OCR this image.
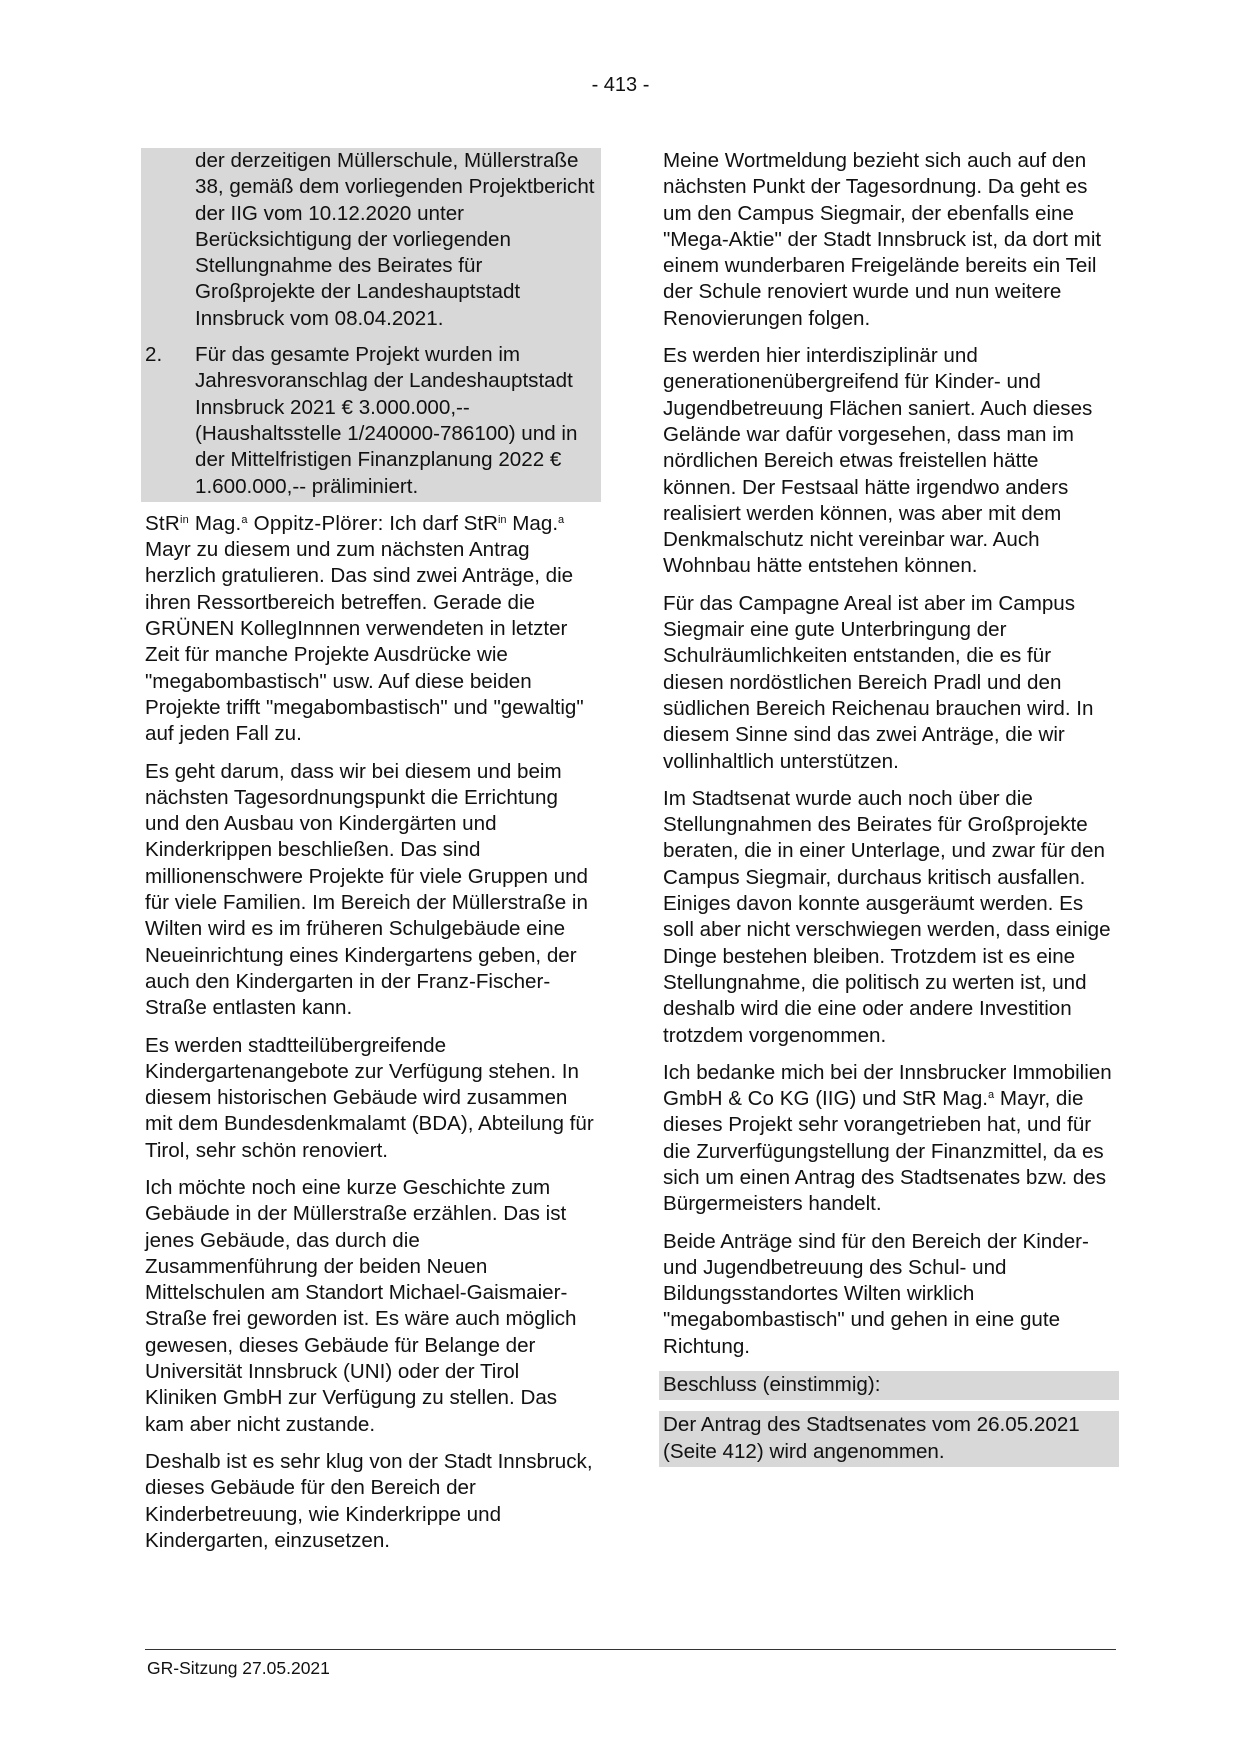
- 413 -
der derzeitigen Müllerschule, Müllerstraße 38, gemäß dem vorliegenden Projektbericht der IIG vom 10.12.2020 unter Berücksichtigung der vorliegenden Stellungnahme des Beirates für Großprojekte der Landeshauptstadt Innsbruck vom 08.04.2021.
2.	Für das gesamte Projekt wurden im Jahresvoranschlag der Landeshauptstadt Innsbruck 2021 € 3.000.000,-- (Haushaltsstelle 1/240000-786100) und in der Mittelfristigen Finanzplanung 2022 € 1.600.000,-- präliminiert.

StR$^{in}$ Mag.$^a$ Oppitz-Plörer: Ich darf StR$^{in}$ Mag.$^a$ Mayr zu diesem und zum nächsten Antrag herzlich gratulieren. Das sind zwei Anträge, die ihren Ressortbereich betreffen. Gerade die GRÜNEN KollegInnnen verwendeten in letzter Zeit für manche Projekte Ausdrücke wie "megabombastisch" usw. Auf diese beiden Projekte trifft "megabombastisch" und "gewaltig" auf jeden Fall zu.

Es geht darum, dass wir bei diesem und beim nächsten Tagesordnungspunkt die Errichtung und den Ausbau von Kindergärten und Kinderkrippen beschließen. Das sind millionenschwere Projekte für viele Gruppen und für viele Familien. Im Bereich der Müllerstraße in Wilten wird es im früheren Schulgebäude eine Neueinrichtung eines Kindergartens geben, der auch den Kindergarten in der Franz-Fischer-Straße entlasten kann.

Es werden stadtteilübergreifende Kindergartenangebote zur Verfügung stehen. In diesem historischen Gebäude wird zusammen mit dem Bundesdenkmalamt (BDA), Abteilung für Tirol, sehr schön renoviert.

Ich möchte noch eine kurze Geschichte zum Gebäude in der Müllerstraße erzählen. Das ist jenes Gebäude, das durch die Zusammenführung der beiden Neuen Mittelschulen am Standort Michael-Gaismaier-Straße frei geworden ist. Es wäre auch möglich gewesen, dieses Gebäude für Belange der Universität Innsbruck (UNI) oder der Tirol Kliniken GmbH zur Verfügung zu stellen. Das kam aber nicht zustande.

Deshalb ist es sehr klug von der Stadt Innsbruck, dieses Gebäude für den Bereich der Kinderbetreuung, wie Kinderkrippe und Kindergarten, einzusetzen.

Meine Wortmeldung bezieht sich auch auf den nächsten Punkt der Tagesordnung. Da geht es um den Campus Siegmair, der ebenfalls eine "Mega-Aktie" der Stadt Innsbruck ist, da dort mit einem wunderbaren Freigelände bereits ein Teil der Schule renoviert wurde und nun weitere Renovierungen folgen.

Es werden hier interdisziplinär und generationenübergreifend für Kinder- und Jugendbetreuung Flächen saniert. Auch dieses Gelände war dafür vorgesehen, dass man im nördlichen Bereich etwas freistellen hätte können. Der Festsaal hätte irgendwo anders realisiert werden können, was aber mit dem Denkmalschutz nicht vereinbar war. Auch Wohnbau hätte entstehen können.

Für das Campagne Areal ist aber im Campus Siegmair eine gute Unterbringung der Schulräumlichkeiten entstanden, die es für diesen nordöstlichen Bereich Pradl und den südlichen Bereich Reichenau brauchen wird. In diesem Sinne sind das zwei Anträge, die wir vollinhaltlich unterstützen.

Im Stadtsenat wurde auch noch über die Stellungnahmen des Beirates für Großprojekte beraten, die in einer Unterlage, und zwar für den Campus Siegmair, durchaus kritisch ausfallen. Einiges davon konnte ausgeräumt werden. Es soll aber nicht verschwiegen werden, dass einige Dinge bestehen bleiben. Trotzdem ist es eine Stellungnahme, die politisch zu werten ist, und deshalb wird die eine oder andere Investition trotzdem vorgenommen.

Ich bedanke mich bei der Innsbrucker Immobilien GmbH & Co KG (IIG) und StR Mag.$^a$ Mayr, die dieses Projekt sehr vorangetrieben hat, und für die Zurverfügungstellung der Finanzmittel, da es sich um einen Antrag des Stadtsenates bzw. des Bürgermeisters handelt.

Beide Anträge sind für den Bereich der Kinder- und Jugendbetreuung des Schul- und Bildungsstandortes Wilten wirklich "megabombastisch" und gehen in eine gute Richtung.

Beschluss (einstimmig):
Der Antrag des Stadtsenates vom 26.05.2021 (Seite 412) wird angenommen.
GR-Sitzung 27.05.2021
